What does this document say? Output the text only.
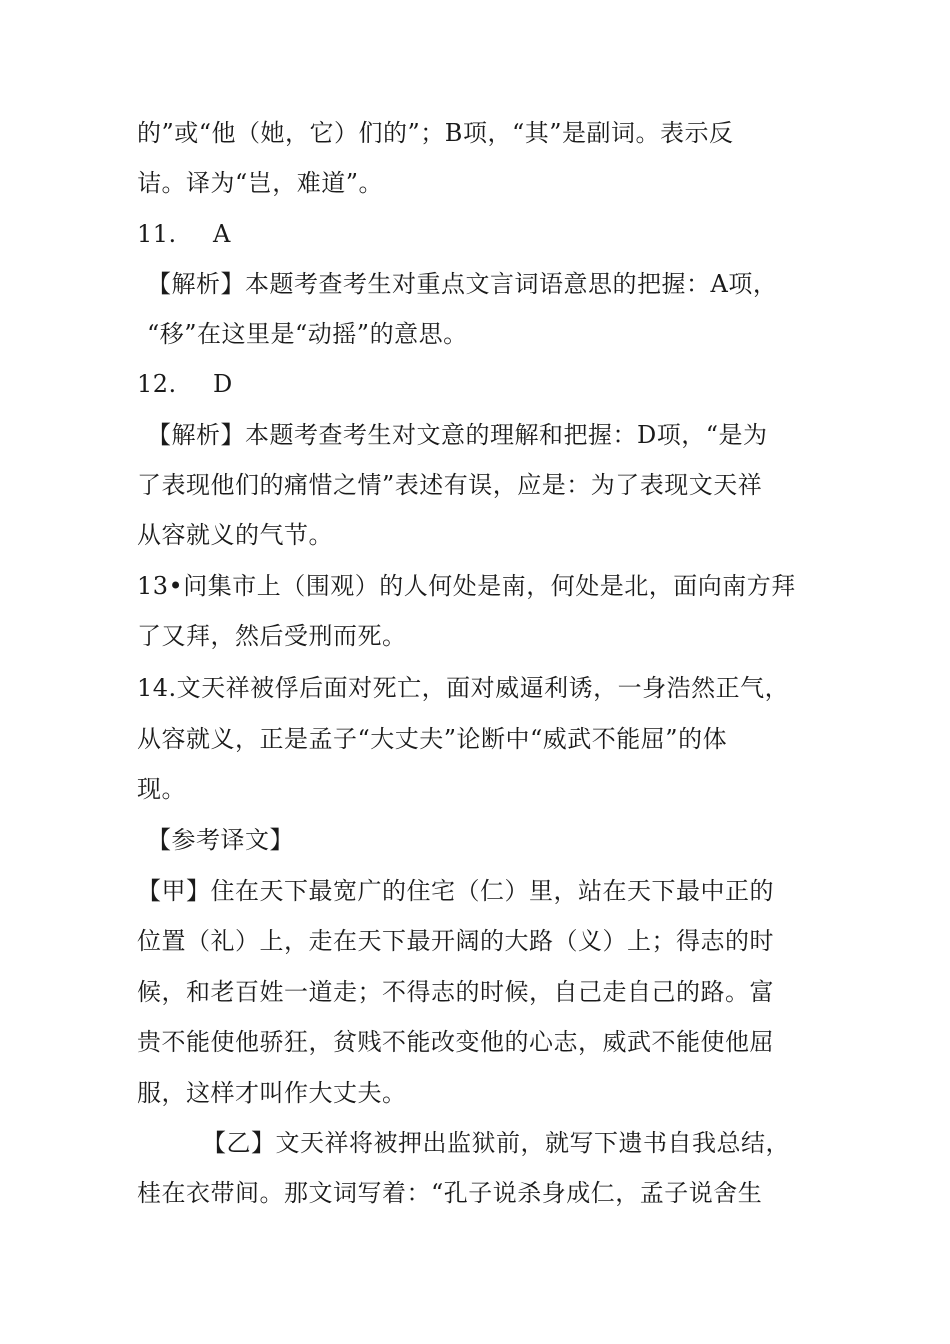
的”或“他（她，它）们的”；B项，“其”是副词。表示反
诘。译为“岂，难道”。
11. A
【解析】本题考查考生对重点文言词语意思的把握：A项，
“移”在这里是“动摇”的意思。
12. D
【解析】本题考查考生对文意的理解和把握：D项，“是为
了表现他们的痛惜之情”表述有误，应是：为了表现文天祥
从容就义的气节。
13•问集市上（围观）的人何处是南，何处是北，面向南方拜
了又拜，然后受刑而死。
14.文天祥被俘后面对死亡，面对威逼利诱，一身浩然正气，
从容就义，正是孟子“大丈夫”论断中“威武不能屈”的体
现。
【参考译文】
【甲】住在天下最宽广的住宅（仁）里，站在天下最中正的
位置（礼）上，走在天下最开阔的大路（义）上；得志的时
候，和老百姓一道走；不得志的时候，自己走自己的路。富
贵不能使他骄狂，贫贱不能改变他的心志，威武不能使他屈
服，这样才叫作大丈夫。
【乙】文天祥将被押出监狱前，就写下遗书自我总结，
桂在衣带间。那文词写着：“孔子说杀身成仁，孟子说舍生
